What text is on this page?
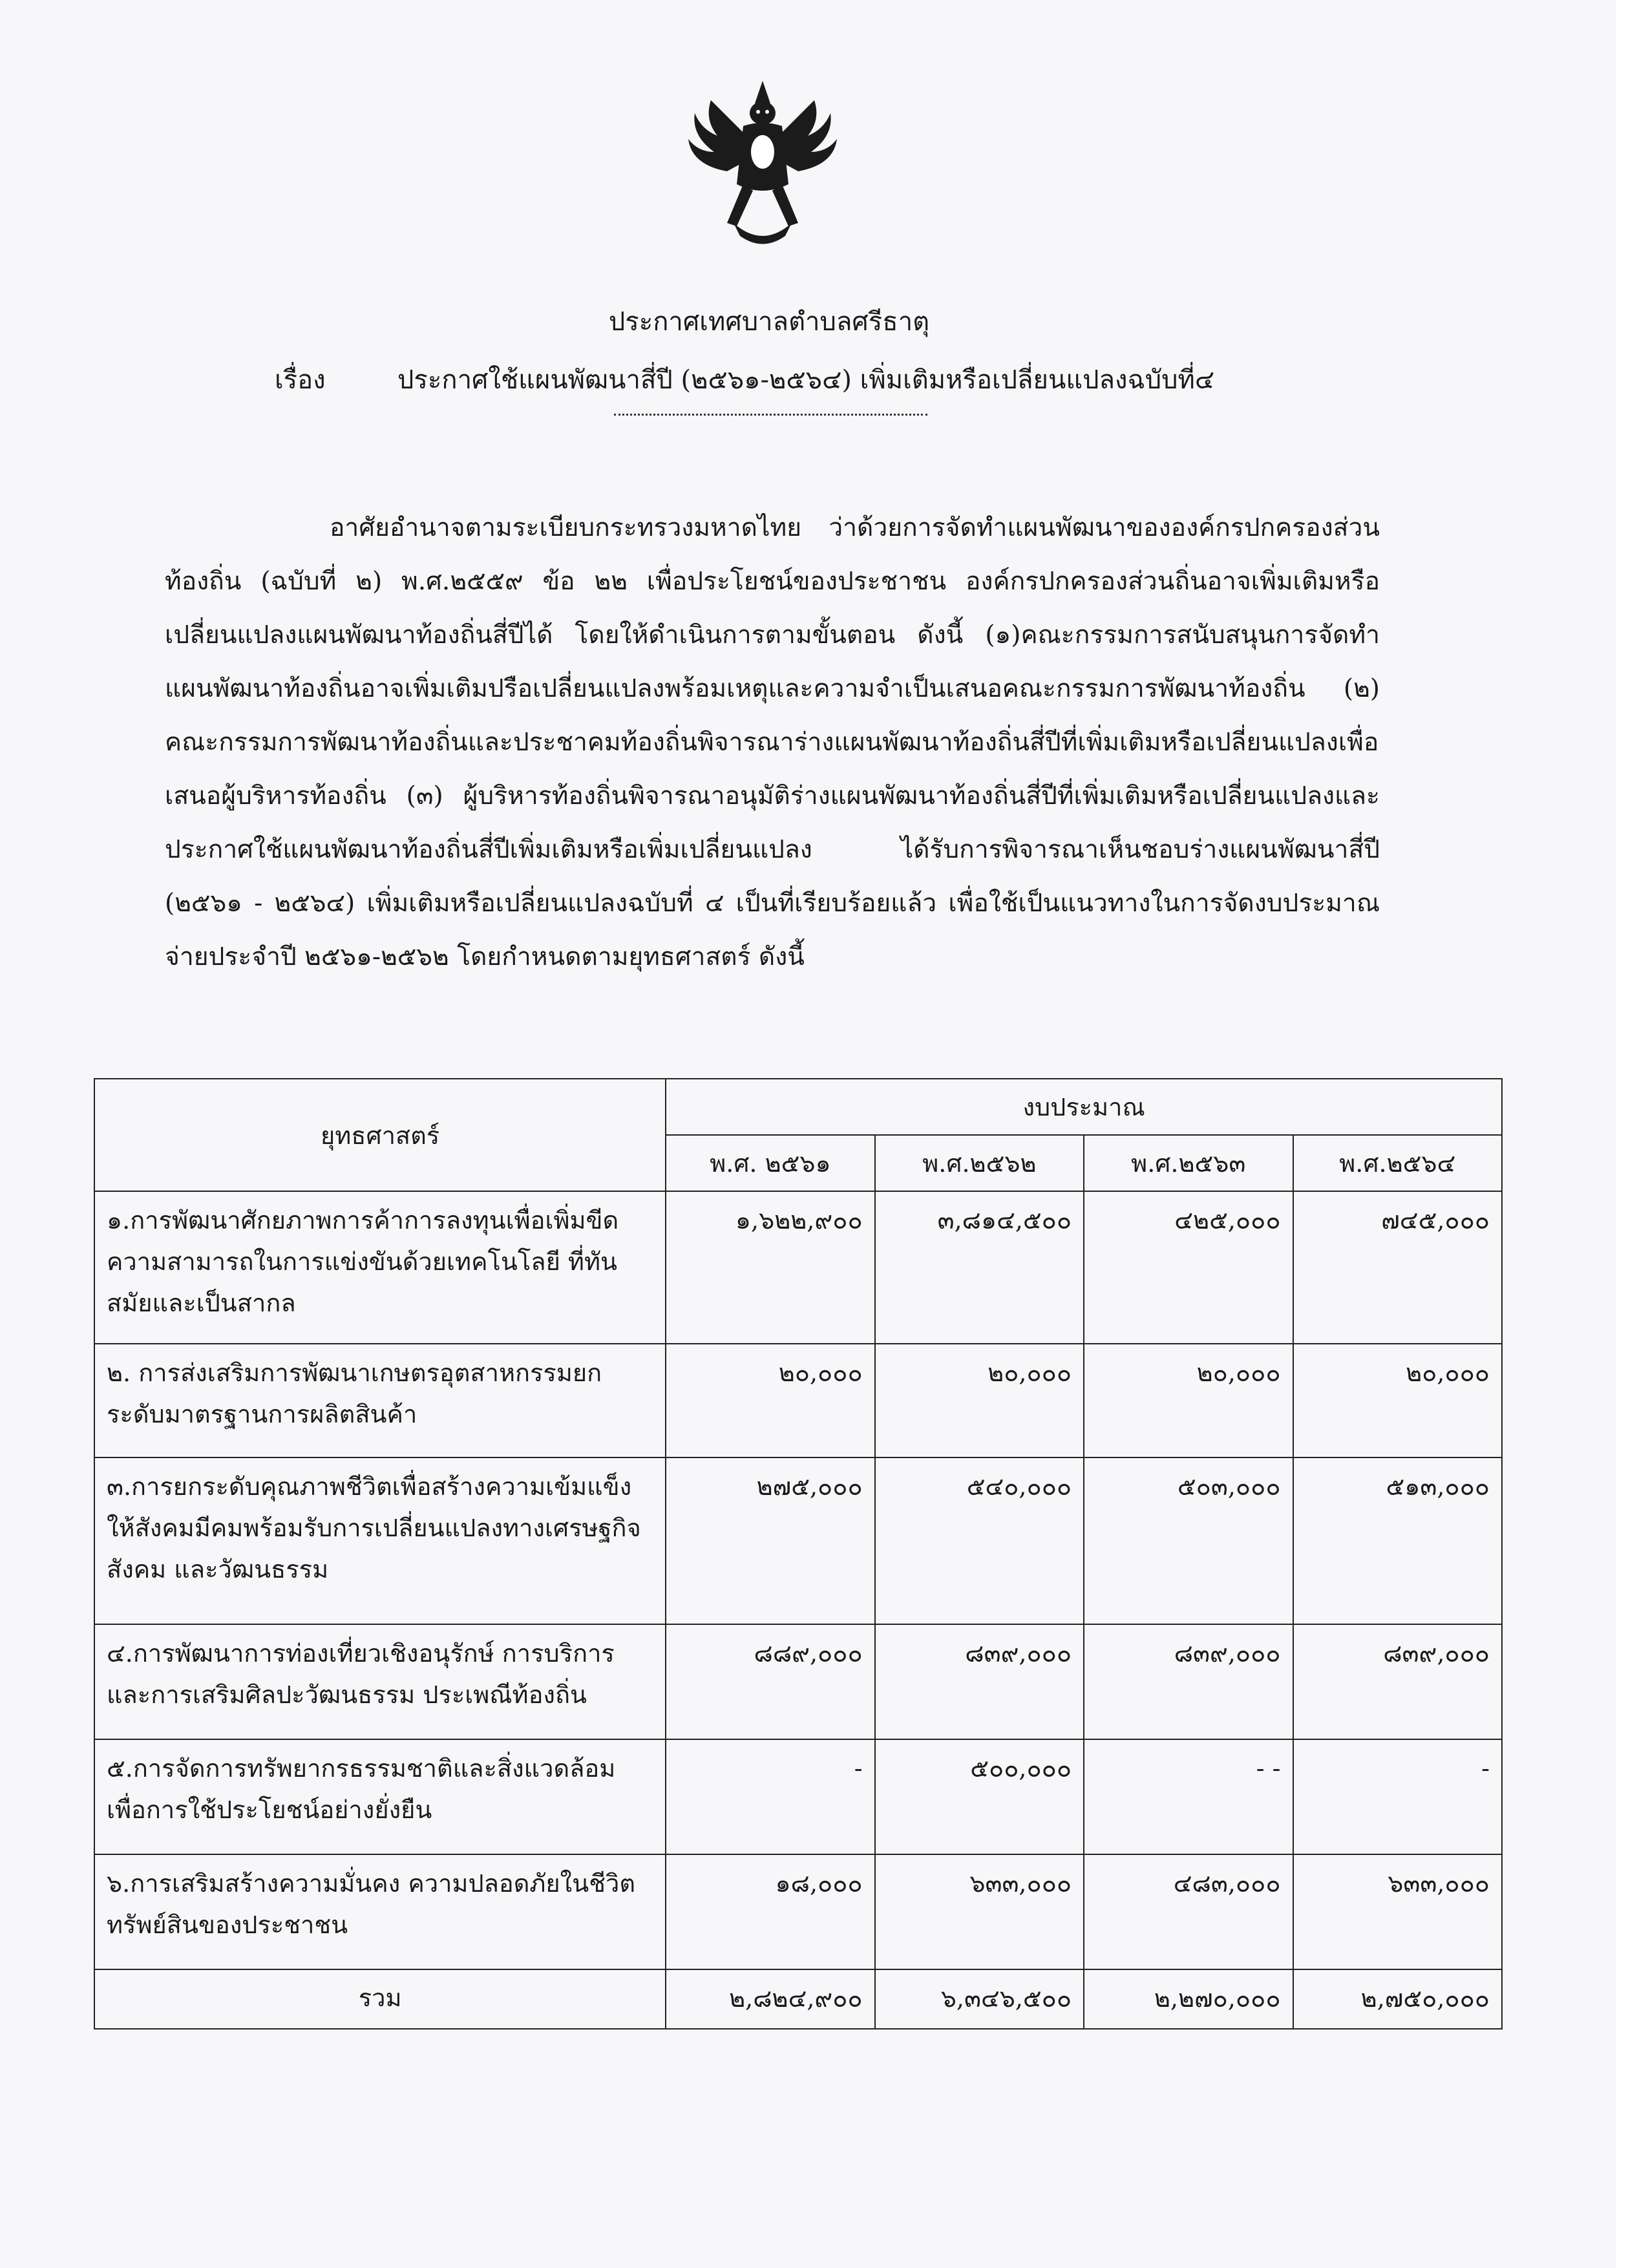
ประกาศเทศบาลตำบลศรีธาตุ
เรื่อง	ประกาศใช้แผนพัฒนาสี่ปี (๒๕๖๑-๒๕๖๔) เพิ่มเติมหรือเปลี่ยนแปลงฉบับที่๔
อาศัยอำนาจตามระเบียบกระทรวงมหาดไทย ว่าด้วยการจัดทำแผนพัฒนาขององค์กรปกครองส่วนท้องถิ่น (ฉบับที่ ๒) พ.ศ.๒๕๕๙ ข้อ ๒๒ เพื่อประโยชน์ของประชาชน องค์กรปกครองส่วนถิ่นอาจเพิ่มเติมหรือเปลี่ยนแปลงแผนพัฒนาท้องถิ่นสี่ปีได้ โดยให้ดำเนินการตามขั้นตอน ดังนี้ (๑)คณะกรรมการสนับสนุนการจัดทำแผนพัฒนาท้องถิ่นอาจเพิ่มเติมปรือเปลี่ยนแปลงพร้อมเหตุและความจำเป็นเสนอคณะกรรมการพัฒนาท้องถิ่น (๒) คณะกรรมการพัฒนาท้องถิ่นและประชาคมท้องถิ่นพิจารณาร่างแผนพัฒนาท้องถิ่นสี่ปีที่เพิ่มเติมหรือเปลี่ยนแปลงเพื่อเสนอผู้บริหารท้องถิ่น (๓) ผู้บริหารท้องถิ่นพิจารณาอนุมัติร่างแผนพัฒนาท้องถิ่นสี่ปีที่เพิ่มเติมหรือเปลี่ยนแปลงและประกาศใช้แผนพัฒนาท้องถิ่นสี่ปีเพิ่มเติมหรือเพิ่มเปลี่ยนแปลง ได้รับการพิจารณาเห็นชอบร่างแผนพัฒนาสี่ปี (๒๕๖๑ - ๒๕๖๔) เพิ่มเติมหรือเปลี่ยนแปลงฉบับที่ ๔ เป็นที่เรียบร้อยแล้ว เพื่อใช้เป็นแนวทางในการจัดงบประมาณจ่ายประจำปี ๒๕๖๑-๒๕๖๒ โดยกำหนดตามยุทธศาสตร์ ดังนี้
ยุทธศาสตร์	งบประมาณ			
	พ.ศ. ๒๕๖๑	พ.ศ.๒๕๖๒	พ.ศ.๒๕๖๓	พ.ศ.๒๕๖๔
๑.การพัฒนาศักยภาพการค้าการลงทุนเพื่อเพิ่มขีดความสามารถในการแข่งขันด้วยเทคโนโลยี ที่ทันสมัยและเป็นสากล	๑,๖๒๒,๙๐๐	๓,๘๑๔,๕๐๐	๔๒๕,๐๐๐	๗๔๕,๐๐๐
๒. การส่งเสริมการพัฒนาเกษตรอุตสาหกรรมยกระดับมาตรฐานการผลิตสินค้า	๒๐,๐๐๐	๒๐,๐๐๐	๒๐,๐๐๐	๒๐,๐๐๐
๓.การยกระดับคุณภาพชีวิตเพื่อสร้างความเข้มแข็งให้สังคมมีคมพร้อมรับการเปลี่ยนแปลงทางเศรษฐกิจ สังคม และวัฒนธรรม	๒๗๕,๐๐๐	๕๔๐,๐๐๐	๕๐๓,๐๐๐	๕๑๓,๐๐๐
๔.การพัฒนาการท่องเที่ยวเชิงอนุรักษ์ การบริการและการเสริมศิลปะวัฒนธรรม ประเพณีท้องถิ่น	๘๘๙,๐๐๐	๘๓๙,๐๐๐	๘๓๙,๐๐๐	๘๓๙,๐๐๐
๕.การจัดการทรัพยากรธรรมชาติและสิ่งแวดล้อมเพื่อการใช้ประโยชน์อย่างยั่งยืน	-	๕๐๐,๐๐๐	- -	-
๖.การเสริมสร้างความมั่นคง ความปลอดภัยในชีวิตทรัพย์สินของประชาชน	๑๘,๐๐๐	๖๓๓,๐๐๐	๔๘๓,๐๐๐	๖๓๓,๐๐๐
รวม	๒,๘๒๔,๙๐๐	๖,๓๔๖,๕๐๐	๒,๒๗๐,๐๐๐	๒,๗๕๐,๐๐๐
